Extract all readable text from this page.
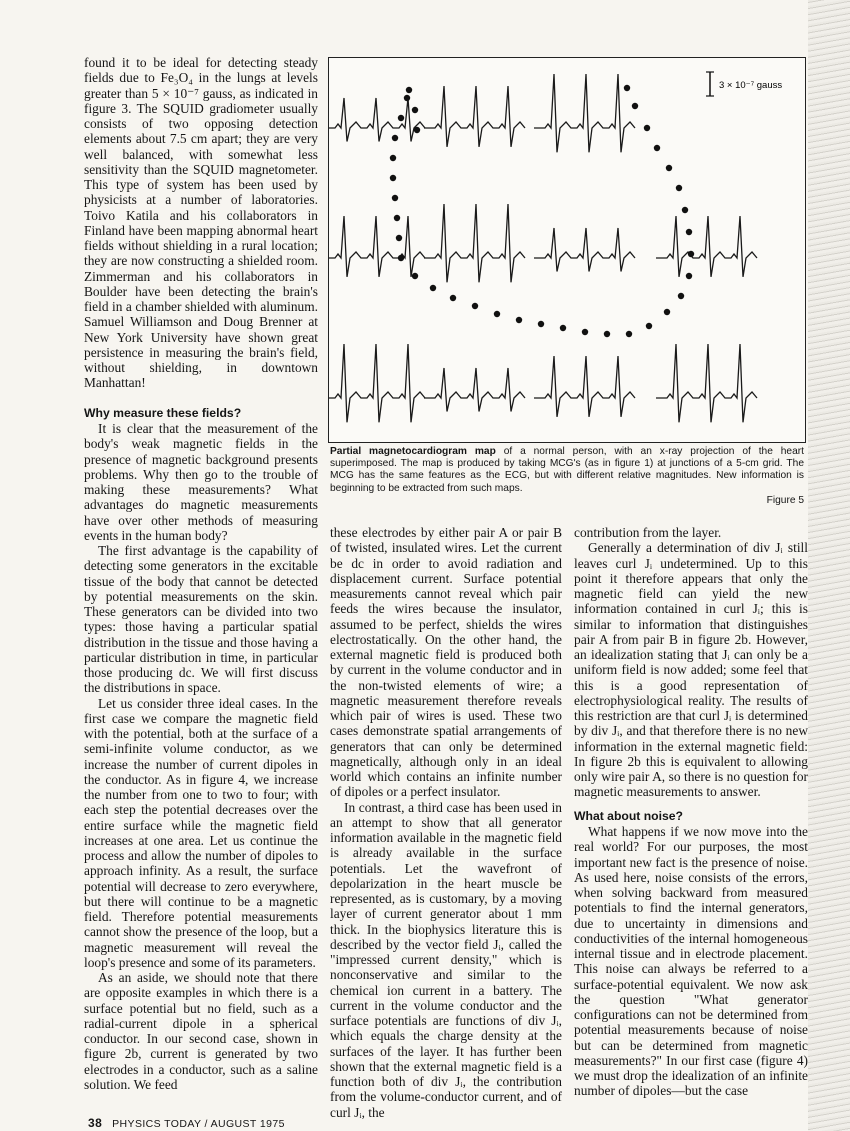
found it to be ideal for detecting steady fields due to Fe₃O₄ in the lungs at levels greater than 5 × 10⁻⁷ gauss, as indicated in figure 3. The SQUID gradiometer usually consists of two opposing detection elements about 7.5 cm apart; they are very well balanced, with somewhat less sensitivity than the SQUID magnetometer. This type of system has been used by physicists at a number of laboratories. Toivo Katila and his collaborators in Finland have been mapping abnormal heart fields without shielding in a rural location; they are now constructing a shielded room. Zimmerman and his collaborators in Boulder have been detecting the brain's field in a chamber shielded with aluminum. Samuel Williamson and Doug Brenner at New York University have shown great persistence in measuring the brain's field, without shielding, in downtown Manhattan!

Why measure these fields?

It is clear that the measurement of the body's weak magnetic fields in the presence of magnetic background presents problems. Why then go to the trouble of making these measurements? What advantages do magnetic measurements have over other methods of measuring events in the human body?

The first advantage is the capability of detecting some generators in the excitable tissue of the body that cannot be detected by potential measurements on the skin. These generators can be divided into two types: those having a particular spatial distribution in the tissue and those having a particular distribution in time, in particular those producing dc. We will first discuss the distributions in space.

Let us consider three ideal cases. In the first case we compare the magnetic field with the potential, both at the surface of a semi-infinite volume conductor, as we increase the number of current dipoles in the conductor. As in figure 4, we increase the number from one to two to four; with each step the potential decreases over the entire surface while the magnetic field increases at one area. Let us continue the process and allow the number of dipoles to approach infinity. As a result, the surface potential will decrease to zero everywhere, but there will continue to be a magnetic field. Therefore potential measurements cannot show the presence of the loop, but a magnetic measurement will reveal the loop's presence and some of its parameters.

As an aside, we should note that there are opposite examples in which there is a surface potential but no field, such as a radial-current dipole in a spherical conductor. In our second case, shown in figure 2b, current is generated by two electrodes in a conductor, such as a saline solution. We feed

3 × 10⁻⁷ gauss
Partial magnetocardiogram map of a normal person, with an x-ray projection of the heart superimposed. The map is produced by taking MCG's (as in figure 1) at junctions of a 5-cm grid. The MCG has the same features as the ECG, but with different relative magnitudes. New information is beginning to be extracted from such maps.
Figure 5

these electrodes by either pair A or pair B of twisted, insulated wires. Let the current be dc in order to avoid radiation and displacement current. Surface potential measurements cannot reveal which pair feeds the wires because the insulator, assumed to be perfect, shields the wires electrostatically. On the other hand, the external magnetic field is produced both by current in the volume conductor and in the non-twisted elements of wire; a magnetic measurement therefore reveals which pair of wires is used. These two cases demonstrate spatial arrangements of generators that can only be determined magnetically, although only in an ideal world which contains an infinite number of dipoles or a perfect insulator.

In contrast, a third case has been used in an attempt to show that all generator information available in the magnetic field is already available in the surface potentials. Let the wavefront of depolarization in the heart muscle be represented, as is customary, by a moving layer of current generator about 1 mm thick. In the biophysics literature this is described by the vector field Jᵢ, called the "impressed current density," which is nonconservative and similar to the chemical ion current in a battery. The current in the volume conductor and the surface potentials are functions of div Jᵢ, which equals the charge density at the surfaces of the layer. It has further been shown that the external magnetic field is a function both of div Jᵢ, the contribution from the volume-conductor current, and of curl Jᵢ, the

contribution from the layer.

Generally a determination of div Jᵢ still leaves curl Jᵢ undetermined. Up to this point it therefore appears that only the magnetic field can yield the new information contained in curl Jᵢ; this is similar to information that distinguishes pair A from pair B in figure 2b. However, an idealization stating that Jᵢ can only be a uniform field is now added; some feel that this is a good representation of electrophysiological reality. The results of this restriction are that curl Jᵢ is determined by div Jᵢ, and that therefore there is no new information in the external magnetic field: In figure 2b this is equivalent to allowing only wire pair A, so there is no question for magnetic measurements to answer.

What about noise?

What happens if we now move into the real world? For our purposes, the most important new fact is the presence of noise. As used here, noise consists of the errors, when solving backward from measured potentials to find the internal generators, due to uncertainty in dimensions and conductivities of the internal homogeneous internal tissue and in electrode placement. This noise can always be referred to a surface-potential equivalent. We now ask the question "What generator configurations can not be determined from potential measurements because of noise but can be determined from magnetic measurements?" In our first case (figure 4) we must drop the idealization of an infinite number of dipoles—but the case

38 PHYSICS TODAY / AUGUST 1975
